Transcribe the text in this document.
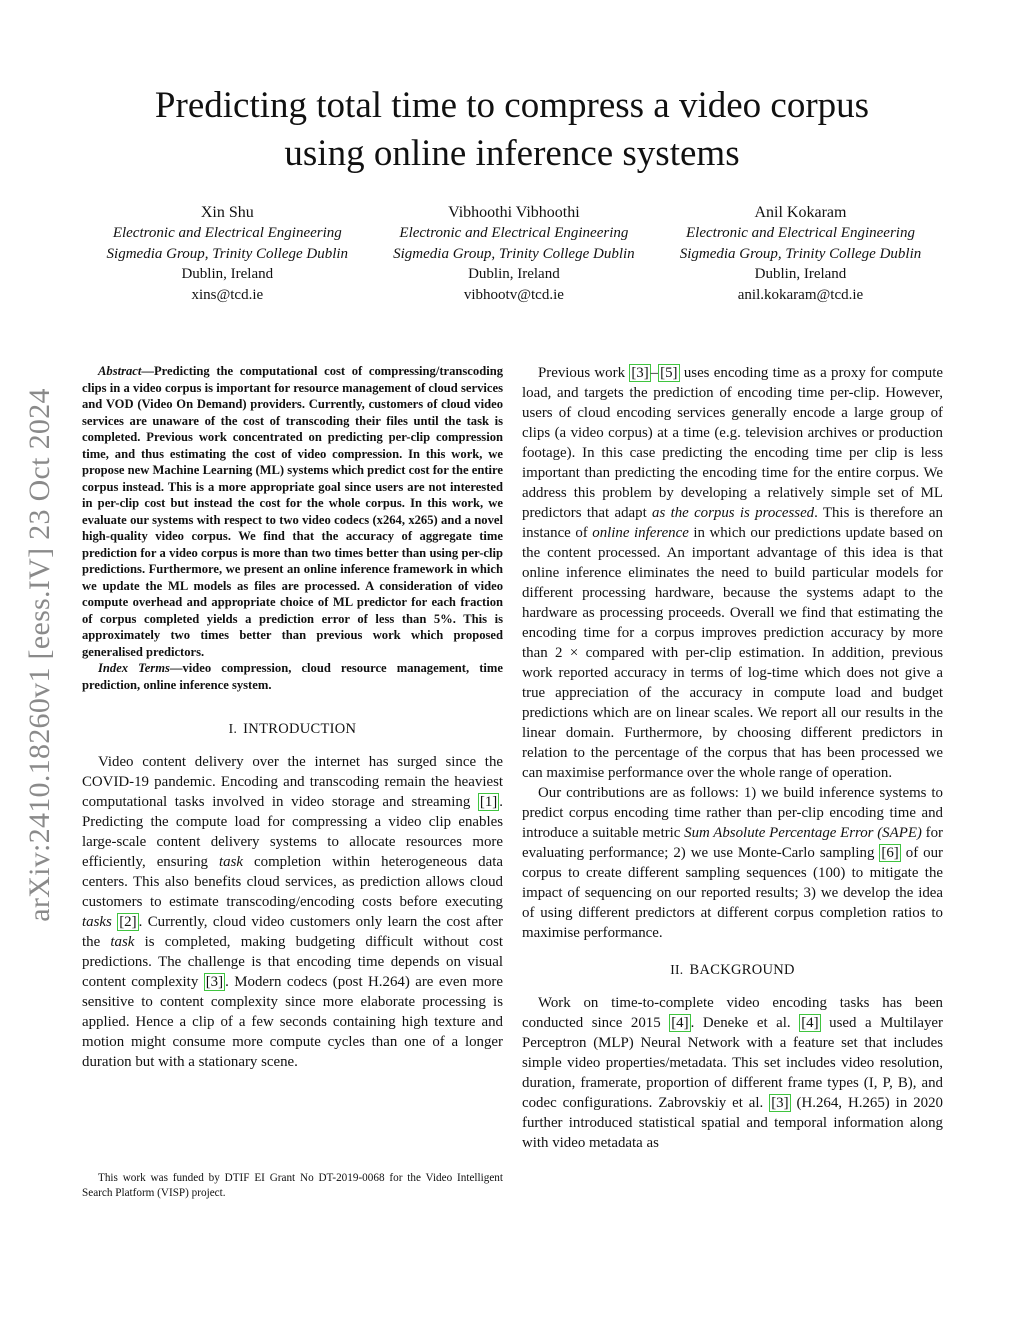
arXiv:2410.18260v1 [eess.IV] 23 Oct 2024
Predicting total time to compress a video corpus
using online inference systems
Xin Shu
Electronic and Electrical Engineering
Sigmedia Group, Trinity College Dublin
Dublin, Ireland
xins@tcd.ie
Vibhoothi Vibhoothi
Electronic and Electrical Engineering
Sigmedia Group, Trinity College Dublin
Dublin, Ireland
vibhootv@tcd.ie
Anil Kokaram
Electronic and Electrical Engineering
Sigmedia Group, Trinity College Dublin
Dublin, Ireland
anil.kokaram@tcd.ie

Abstract—Predicting the computational cost of compressing/transcoding clips in a video corpus is important for resource management of cloud services and VOD (Video On Demand) providers. Currently, customers of cloud video services are unaware of the cost of transcoding their files until the task is completed. Previous work concentrated on predicting per-clip compression time, and thus estimating the cost of video compression. In this work, we propose new Machine Learning (ML) systems which predict cost for the entire corpus instead. This is a more appropriate goal since users are not interested in per-clip cost but instead the cost for the whole corpus. In this work, we evaluate our systems with respect to two video codecs (x264, x265) and a novel high-quality video corpus. We find that the accuracy of aggregate time prediction for a video corpus is more than two times better than using per-clip predictions. Furthermore, we present an online inference framework in which we update the ML models as files are processed. A consideration of video compute overhead and appropriate choice of ML predictor for each fraction of corpus completed yields a prediction error of less than 5%. This is approximately two times better than previous work which proposed generalised predictors.

Index Terms—video compression, cloud resource management, time prediction, online inference system.

I. INTRODUCTION

Video content delivery over the internet has surged since the COVID-19 pandemic. Encoding and transcoding remain the heaviest computational tasks involved in video storage and streaming [1] . Predicting the compute load for compressing a video clip enables large-scale content delivery systems to allocate resources more efficiently, ensuring task completion within heterogeneous data centers. This also benefits cloud services, as prediction allows cloud customers to estimate transcoding/encoding costs before executing tasks [2] . Currently, cloud video customers only learn the cost after the task is completed, making budgeting difficult without cost predictions. The challenge is that encoding time depends on visual content complexity [3] . Modern codecs (post H.264) are even more sensitive to content complexity since more elaborate processing is applied. Hence a clip of a few seconds containing high texture and motion might consume more compute cycles than one of a longer duration but with a stationary scene.

This work was funded by DTIF EI Grant No DT-2019-0068 for the Video Intelligent Search Platform (VISP) project.

Previous work [3] – [5] uses encoding time as a proxy for compute load, and targets the prediction of encoding time per-clip. However, users of cloud encoding services generally encode a large group of clips (a video corpus) at a time (e.g. television archives or production footage). In this case predicting the encoding time per clip is less important than predicting the encoding time for the entire corpus. We address this problem by developing a relatively simple set of ML predictors that adapt as the corpus is processed. This is therefore an instance of online inference in which our predictions update based on the content processed. An important advantage of this idea is that online inference eliminates the need to build particular models for different processing hardware, because the systems adapt to the hardware as processing proceeds. Overall we find that estimating the encoding time for a corpus improves prediction accuracy by more than 2 × compared with per-clip estimation. In addition, previous work reported accuracy in terms of log-time which does not give a true appreciation of the accuracy in compute load and budget predictions which are on linear scales. We report all our results in the linear domain. Furthermore, by choosing different predictors in relation to the percentage of the corpus that has been processed we can maximise performance over the whole range of operation.

Our contributions are as follows: 1) we build inference systems to predict corpus encoding time rather than per-clip encoding time and introduce a suitable metric Sum Absolute Percentage Error (SAPE) for evaluating performance; 2) we use Monte-Carlo sampling [6] of our corpus to create different sampling sequences (100) to mitigate the impact of sequencing on our reported results; 3) we develop the idea of using different predictors at different corpus completion ratios to maximise performance.

II. BACKGROUND

Work on time-to-complete video encoding tasks has been conducted since 2015 [4] . Deneke et al. [4] used a Multilayer Perceptron (MLP) Neural Network with a feature set that includes simple video properties/metadata. This set includes video resolution, duration, framerate, proportion of different frame types (I, P, B), and codec configurations. Zabrovskiy et al. [3] (H.264, H.265) in 2020 further introduced statistical spatial and temporal information along with video metadata as
